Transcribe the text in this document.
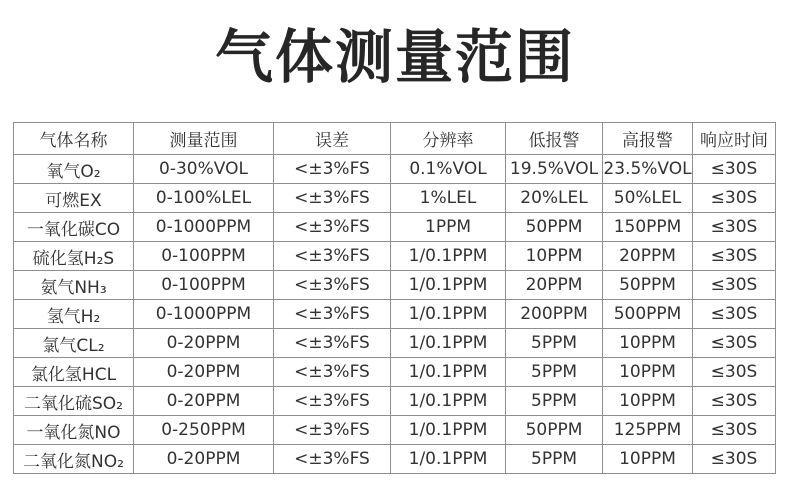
气体测量范围
气体名称	测量范围	误差	分辨率	低报警	高报警	响应时间
氧气O₂	0-30%VOL	<±3%FS	0.1%VOL	19.5%VOL	23.5%VOL	≤30S
可燃EX	0-100%LEL	<±3%FS	1%LEL	20%LEL	50%LEL	≤30S
一氧化碳CO	0-1000PPM	<±3%FS	1PPM	50PPM	150PPM	≤30S
硫化氢H₂S	0-100PPM	<±3%FS	1/0.1PPM	10PPM	20PPM	≤30S
氨气NH₃	0-100PPM	<±3%FS	1/0.1PPM	20PPM	50PPM	≤30S
氢气H₂	0-1000PPM	<±3%FS	1/0.1PPM	200PPM	500PPM	≤30S
氯气CL₂	0-20PPM	<±3%FS	1/0.1PPM	5PPM	10PPM	≤30S
氯化氢HCL	0-20PPM	<±3%FS	1/0.1PPM	5PPM	10PPM	≤30S
二氧化硫SO₂	0-20PPM	<±3%FS	1/0.1PPM	5PPM	10PPM	≤30S
一氧化氮NO	0-250PPM	<±3%FS	1/0.1PPM	50PPM	125PPM	≤30S
二氧化氮NO₂	0-20PPM	<±3%FS	1/0.1PPM	5PPM	10PPM	≤30S
